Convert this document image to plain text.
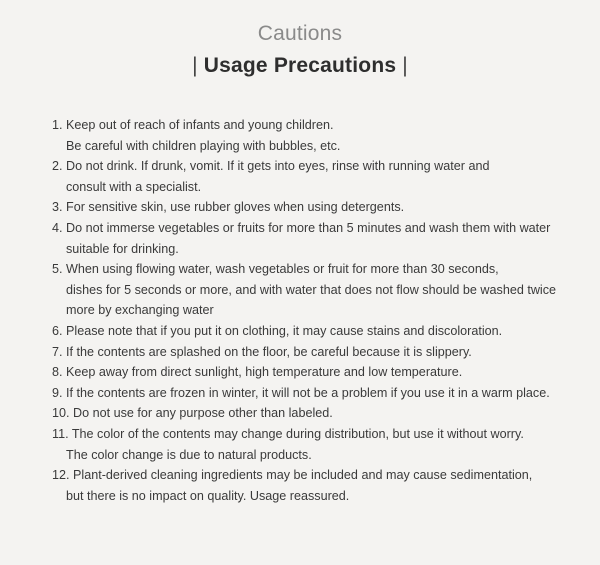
Cautions
| Usage Precautions |
1. Keep out of reach of infants and young children.
Be careful with children playing with bubbles, etc.
2. Do not drink. If drunk, vomit. If it gets into eyes, rinse with running water and
consult with a specialist.
3. For sensitive skin, use rubber gloves when using detergents.
4. Do not immerse vegetables or fruits for more than 5 minutes and wash them with water
suitable for drinking.
5. When using flowing water, wash vegetables or fruit for more than 30 seconds,
dishes for 5 seconds or more, and with water that does not flow should be washed twice
more by exchanging water
6. Please note that if you put it on clothing, it may cause stains and discoloration.
7. If the contents are splashed on the floor, be careful because it is slippery.
8. Keep away from direct sunlight, high temperature and low temperature.
9. If the contents are frozen in winter, it will not be a problem if you use it in a warm place.
10. Do not use for any purpose other than labeled.
11. The color of the contents may change during distribution, but use it without worry.
The color change is due to natural products.
12. Plant-derived cleaning ingredients may be included and may cause sedimentation,
but there is no impact on quality. Usage reassured.
